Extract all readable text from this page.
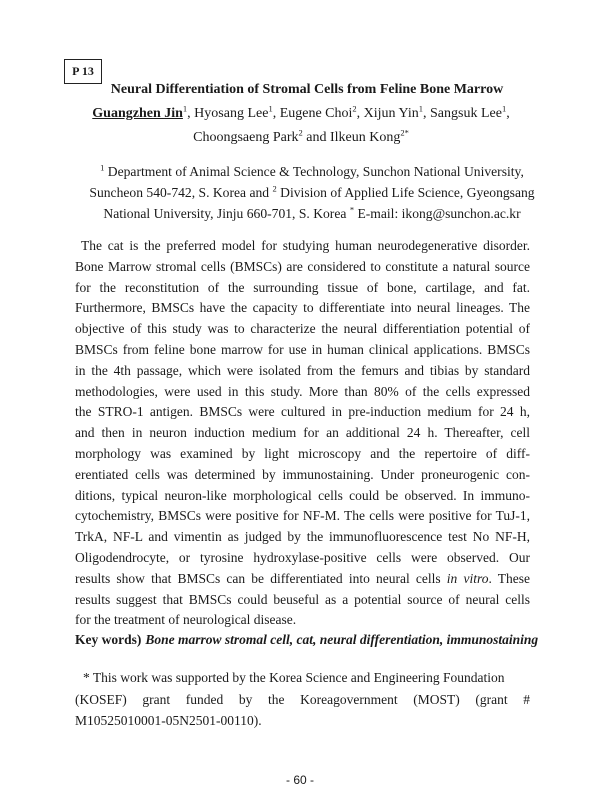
P 13
Neural Differentiation of Stromal Cells from Feline Bone Marrow
Guangzhen Jin$^1$, Hyosang Lee$^1$, Eugene Choi$^2$, Xijun Yin$^1$, Sangsuk Lee$^1$,
Choongsaeng Park$^2$ and Ilkeun Kong$^{2*}$
$^1$ Department of Animal Science & Technology, Sunchon National University,
Suncheon 540-742, S. Korea and $^2$ Division of Applied Life Science, Gyeongsang
National University, Jinju 660-701, S. Korea * E-mail: ikong@sunchon.ac.kr
The cat is the preferred model for studying human neurodegenerative disorder.
Bone Marrow stromal cells (BMSCs) are considered to constitute a natural source
for the reconstitution of the surrounding tissue of bone, cartilage, and fat.
Furthermore, BMSCs have the capacity to differentiate into neural lineages. The
objective of this study was to characterize the neural differentiation potential of
BMSCs from feline bone marrow for use in human clinical applications. BMSCs
in the 4th passage, which were isolated from the femurs and tibias by standard
methodologies, were used in this study. More than 80% of the cells expressed
the STRO-1 antigen. BMSCs were cultured in pre-induction medium for 24 h,
and then in neuron induction medium for an additional 24 h. Thereafter, cell
morphology was examined by light microscopy and the repertoire of diff-
erentiated cells was determined by immunostaining. Under proneurogenic con-
ditions, typical neuron-like morphological cells could be observed. In immuno-
cytochemistry, BMSCs were positive for NF-M. The cells were positive for TuJ-1,
TrkA, NF-L and vimentin as judged by the immunofluorescence test No NF-H,
Oligodendrocyte, or tyrosine hydroxylase-positive cells were observed. Our
results show that BMSCs can be differentiated into neural cells in vitro. These
results suggest that BMSCs could beuseful as a potential source of neural cells
for the treatment of neurological disease.
Key words) Bone marrow stromal cell, cat, neural differentiation, immunostaining
* This work was supported by the Korea Science and Engineering Foundation
(KOSEF) grant funded by the Koreagovernment (MOST) (grant #
M10525010001-05N2501-00110).
- 60 -
